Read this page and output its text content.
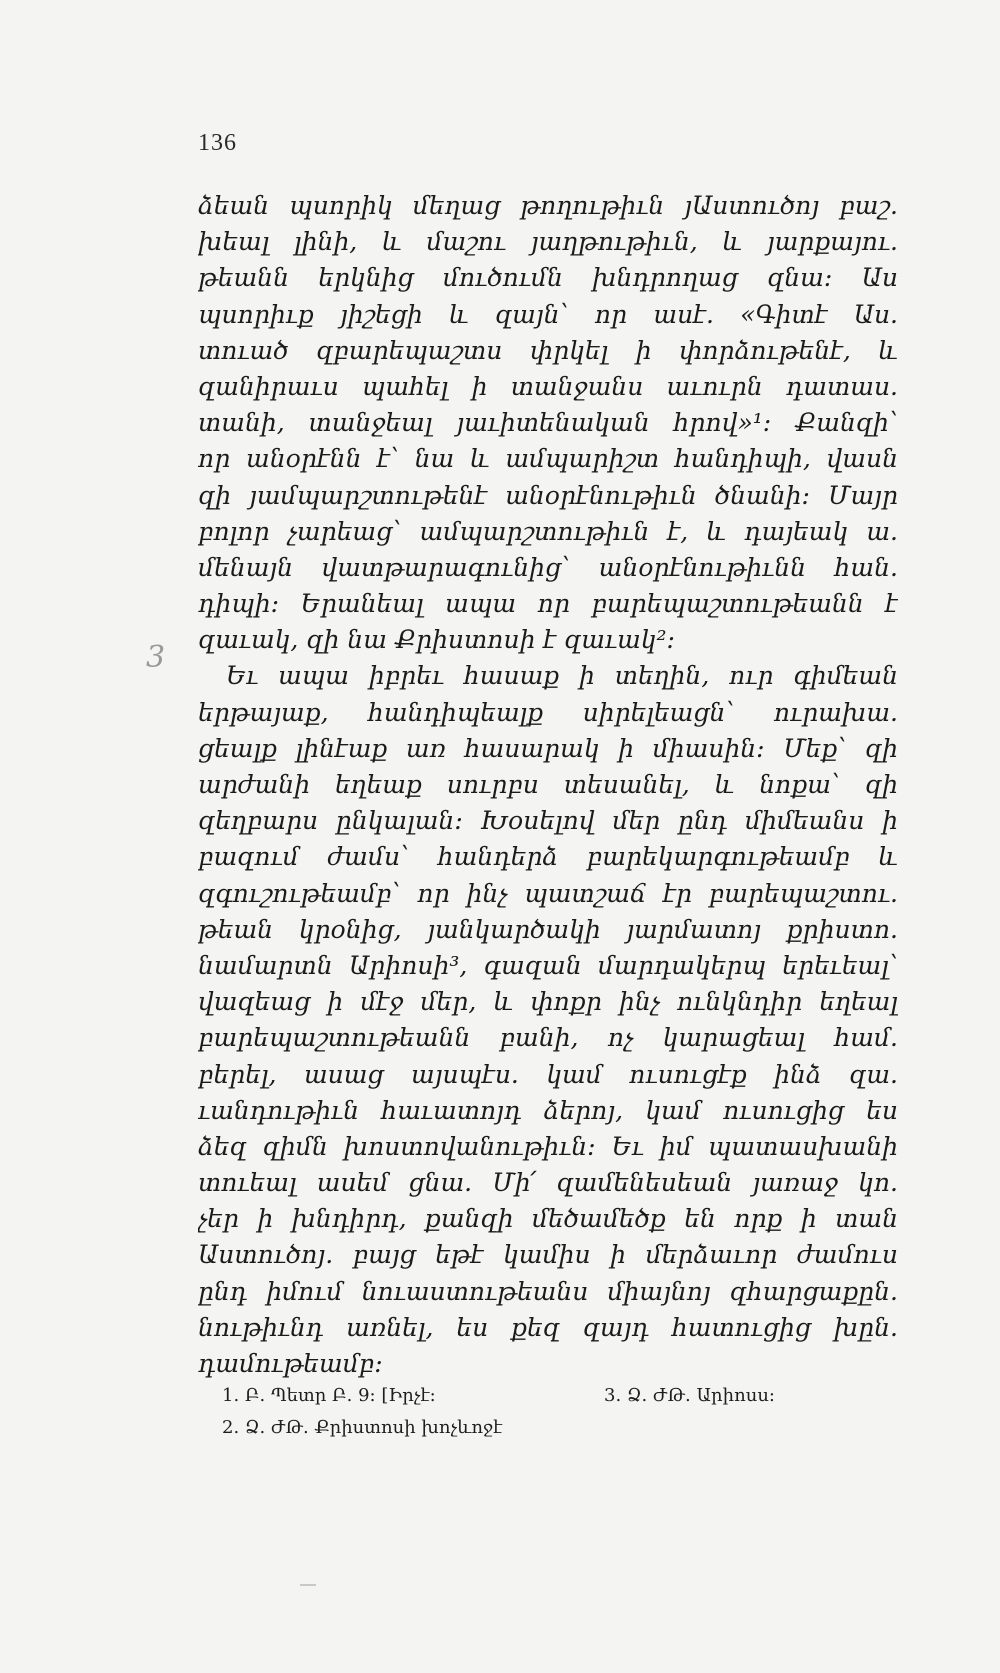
136
3
ձեան պսորիկ մեղաց թողութիւն յԱստուծոյ բաշ.
խեալ լինի, և մաշու յաղթութիւն, և յարքայու.
թեանն երկնից մուծումն խնդրողաց զնա։ Աս
պսորիւք յիշեցի և զայն՝ որ ասէ. «Գիտէ Աս.
տուած զբարեպաշտս փրկել ի փորձութենէ, և
զանիրաւս պահել ի տանջանս աւուրն դատաս.
տանի, տանջեալ յաւիտենական հրով»¹։ Քանզի՝
որ անօրէնն է՝ նա և ամպարիշտ հանդիպի, վասն
զի յամպարշտութենէ անօրէնութիւն ծնանի։ Մայր
բոլոր չարեաց՝ ամպարշտութիւն է, և դայեակ ա.
մենայն վատթարագունից՝ անօրէնութիւնն հան.
դիպի։ Երանեալ ապա որ բարեպաշտութեանն է
զաւակ, զի նա Քրիստոսի է զաւակ²։
Եւ ապա իբրեւ հասաք ի տեղին, ուր գիմեան
երթայաք, հանդիպեալք սիրելեացն՝ ուրախա.
ցեալք լինէաք առ հասարակ ի միասին։ Մեք՝ զի
արժանի եղեաք սուրբս տեսանել, և նոքա՝ զի
զեղբարս ընկալան։ Խօսելով մեր ընդ միմեանս ի
բազում ժամս՝ հանդերձ բարեկարգութեամբ և
զգուշութեամբ՝ որ ինչ պատշաճ էր բարեպաշտու.
թեան կրօնից, յանկարծակի յարմատոյ քրիստո.
նամարտն Արիոսի³, գազան մարդակերպ երեւեալ՝
վազեաց ի մէջ մեր, և փոքր ինչ ունկնդիր եղեալ
բարեպաշտութեանն բանի, ոչ կարացեալ համ.
բերել, ասաց այսպէս. կամ ուսուցէք ինձ զա.
ւանդութիւն հաւատոյդ ձերոյ, կամ ուսուցից ես
ձեզ զիմն խոստովանութիւն։ Եւ իմ պատասխանի
տուեալ ասեմ ցնա. Մի՛ զամենեսեան յառաջ կո.
չեր ի խնդիրդ, քանզի մեծամեծք են որք ի տան
Աստուծոյ. բայց եթէ կամիս ի մերձաւոր ժամուս
ընդ իմում նուաստութեանս միայնոյ զհարցաքըն.
նութիւնդ առնել, ես քեզ զայդ հատուցից խըն.
դամութեամբ։
1. Բ. Պետր Բ. 9։ [Իրչէ։	3. Ձ. ԺԹ. Արիոսս։
2. Ձ. ԺԹ. Քրիստոսի խոչևոջէ
